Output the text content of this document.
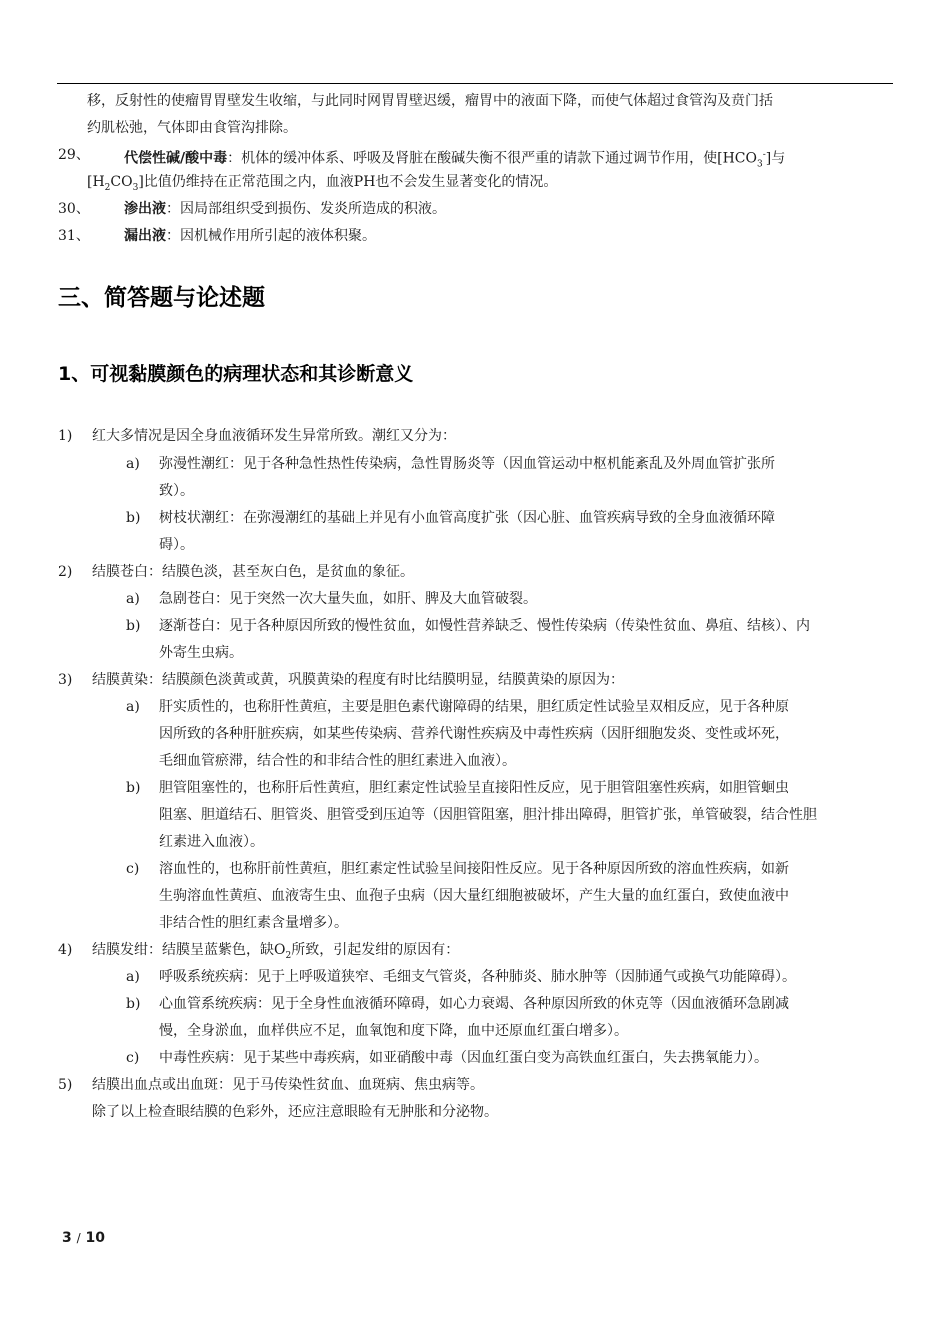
移，反射性的使瘤胃胃壁发生收缩，与此同时网胃胃壁迟缓，瘤胃中的液面下降，而使气体超过食管沟及贲门括
约肌松弛，气体即由食管沟排除。
29、 代偿性碱/酸中毒：机体的缓冲体系、呼吸及肾脏在酸碱失衡不很严重的请款下通过调节作用，使$[HCO_3^-]$与
$[H_2CO_3]$比值仍维持在正常范围之内，血液PH也不会发生显著变化的情况。
30、 渗出液：因局部组织受到损伤、发炎所造成的积液。
31、 漏出液：因机械作用所引起的液体积聚。
三、简答题与论述题
1、可视黏膜颜色的病理状态和其诊断意义
1) 红大多情况是因全身血液循环发生异常所致。潮红又分为：
a) 弥漫性潮红：见于各种急性热性传染病，急性胃肠炎等（因血管运动中枢机能紊乱及外周血管扩张所
致）。
b) 树枝状潮红：在弥漫潮红的基础上并见有小血管高度扩张（因心脏、血管疾病导致的全身血液循环障
碍）。
2) 结膜苍白：结膜色淡，甚至灰白色，是贫血的象征。
a) 急剧苍白：见于突然一次大量失血，如肝、脾及大血管破裂。
b) 逐渐苍白：见于各种原因所致的慢性贫血，如慢性营养缺乏、慢性传染病（传染性贫血、鼻疽、结核）、内
外寄生虫病。
3) 结膜黄染：结膜颜色淡黄或黄，巩膜黄染的程度有时比结膜明显，结膜黄染的原因为：
a) 肝实质性的，也称肝性黄疸，主要是胆色素代谢障碍的结果，胆红质定性试验呈双相反应，见于各种原
因所致的各种肝脏疾病，如某些传染病、营养代谢性疾病及中毒性疾病（因肝细胞发炎、变性或坏死，
毛细血管瘀滞，结合性的和非结合性的胆红素进入血液）。
b) 胆管阻塞性的，也称肝后性黄疸，胆红素定性试验呈直接阳性反应，见于胆管阻塞性疾病，如胆管蛔虫
阻塞、胆道结石、胆管炎、胆管受到压迫等（因胆管阻塞，胆汁排出障碍，胆管扩张，单管破裂，结合性胆
红素进入血液）。
c) 溶血性的，也称肝前性黄疸，胆红素定性试验呈间接阳性反应。见于各种原因所致的溶血性疾病，如新
生驹溶血性黄疸、血液寄生虫、血孢子虫病（因大量红细胞被破坏，产生大量的血红蛋白，致使血液中
非结合性的胆红素含量增多）。
4) 结膜发绀：结膜呈蓝紫色，缺$O_2$所致，引起发绀的原因有：
a) 呼吸系统疾病：见于上呼吸道狭窄、毛细支气管炎，各种肺炎、肺水肿等（因肺通气或换气功能障碍）。
b) 心血管系统疾病：见于全身性血液循环障碍，如心力衰竭、各种原因所致的休克等（因血液循环急剧减
慢，全身淤血，血样供应不足，血氧饱和度下降，血中还原血红蛋白增多）。
c) 中毒性疾病：见于某些中毒疾病，如亚硝酸中毒（因血红蛋白变为高铁血红蛋白，失去携氧能力）。
5) 结膜出血点或出血斑：见于马传染性贫血、血斑病、焦虫病等。
除了以上检查眼结膜的色彩外，还应注意眼睑有无肿胀和分泌物。
3 / 10
